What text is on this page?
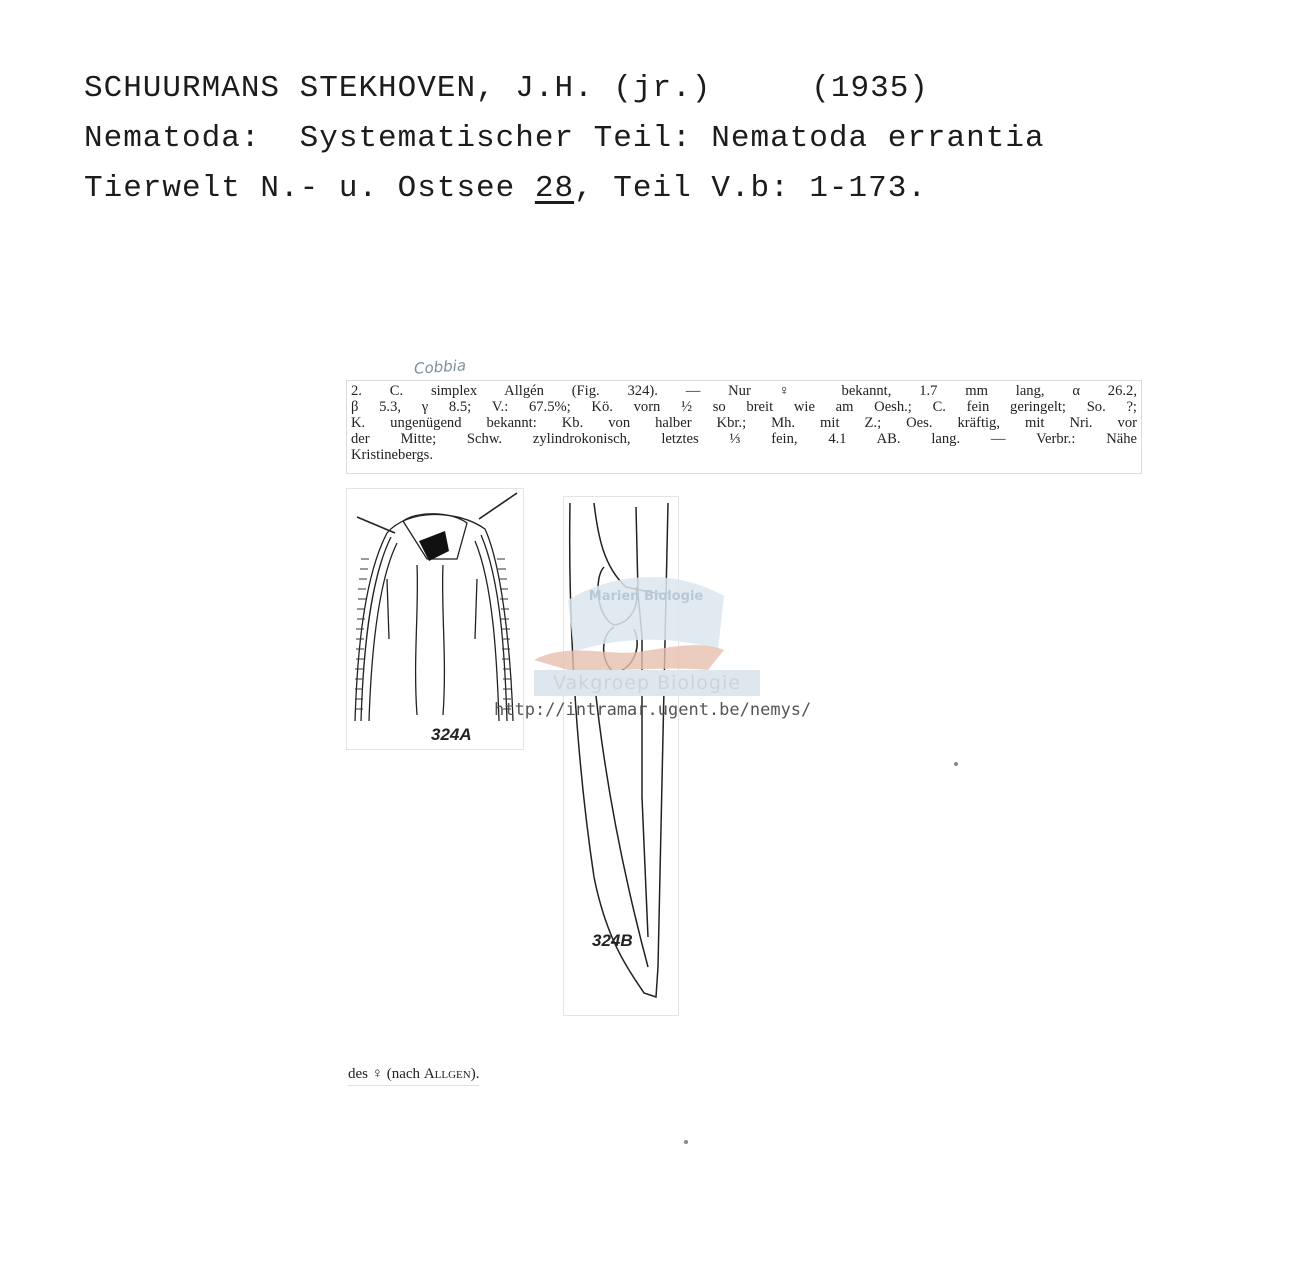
SCHUURMANS STEKHOVEN, J.H. (jr.)	(1935)
Nematoda:  Systematischer Teil: Nematoda errantia
Tierwelt N.- u. Ostsee 28, Teil V.b: 1-173.
Cobbia
2. C. simplex Allgén (Fig. 324). — Nur ♀ bekannt, 1.7 mm lang, α 26.2,
β 5.3, γ 8.5; V.: 67.5%; Kö. vorn ½ so breit wie am Oesh.; C. fein geringelt; So. ?;
K. ungenügend bekannt: Kb. von halber Kbr.; Mh. mit Z.; Oes. kräftig, mit Nri. vor
der Mitte; Schw. zylindrokonisch, letztes ⅓ fein, 4.1 AB. lang. — Verbr.: Nähe
Kristinebergs.
324A
324B
Marien Biologie
Vakgroep Biologie
http://intramar.ugent.be/nemys/
des ♀ (nach Allgen).
